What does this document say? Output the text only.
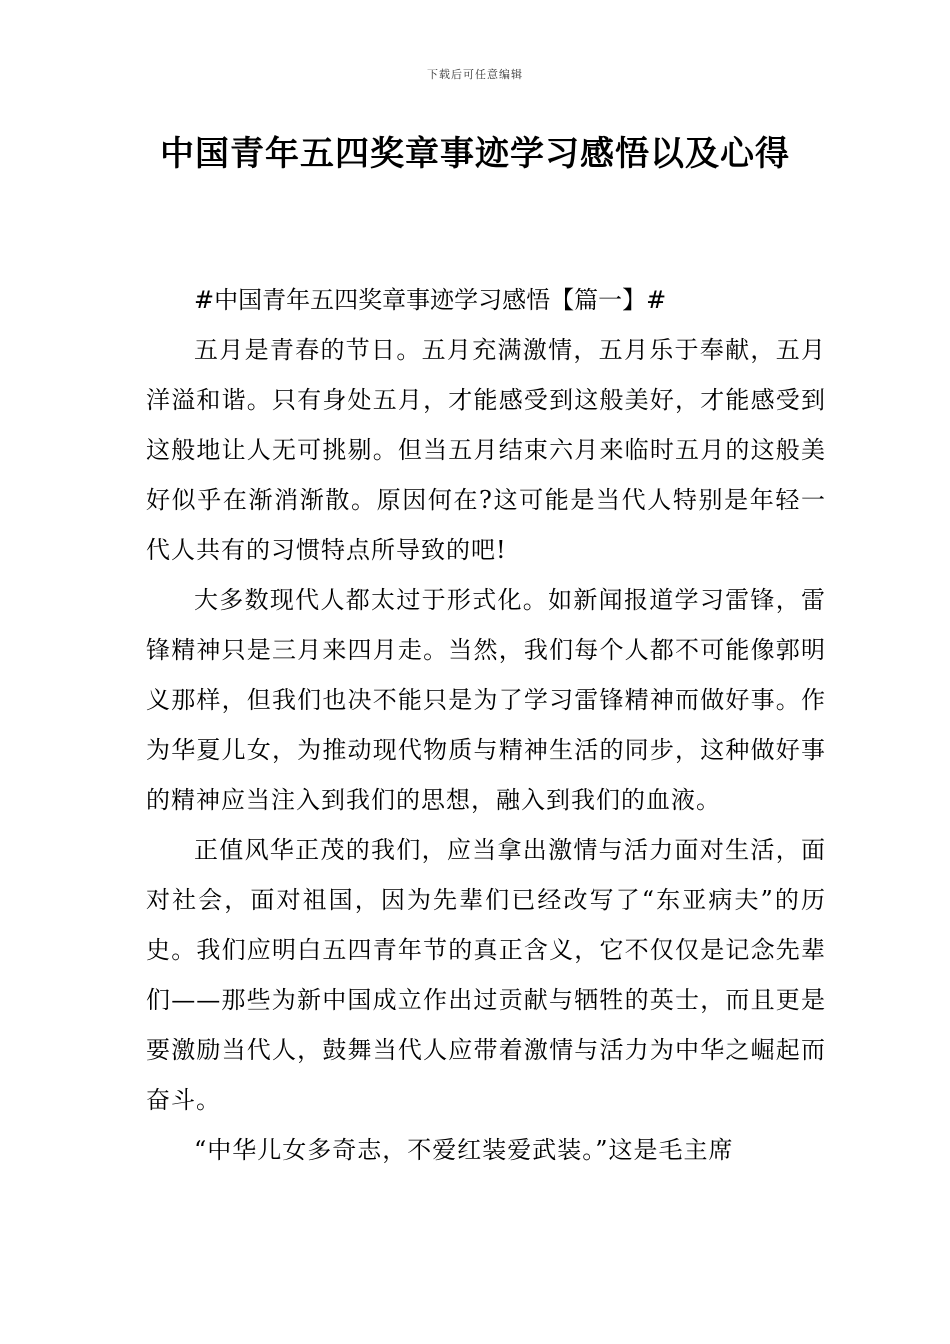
下载后可任意编辑
中国青年五四奖章事迹学习感悟以及心得

#中国青年五四奖章事迹学习感悟【篇一】#

五月是青春的节日。五月充满激情，五月乐于奉献，五月洋溢和谐。只有身处五月，才能感受到这般美好，才能感受到这般地让人无可挑剔。但当五月结束六月来临时五月的这般美好似乎在渐消渐散。原因何在?这可能是当代人特别是年轻一代人共有的习惯特点所导致的吧!

大多数现代人都太过于形式化。如新闻报道学习雷锋，雷锋精神只是三月来四月走。当然，我们每个人都不可能像郭明义那样，但我们也决不能只是为了学习雷锋精神而做好事。作为华夏儿女，为推动现代物质与精神生活的同步，这种做好事的精神应当注入到我们的思想，融入到我们的血液。

正值风华正茂的我们，应当拿出激情与活力面对生活，面对社会，面对祖国，因为先辈们已经改写了“东亚病夫”的历史。我们应明白五四青年节的真正含义，它不仅仅是记念先辈们——那些为新中国成立作出过贡献与牺牲的英士，而且更是要激励当代人，鼓舞当代人应带着激情与活力为中华之崛起而奋斗。

“中华儿女多奇志，不爱红装爱武装。”这是毛主席
